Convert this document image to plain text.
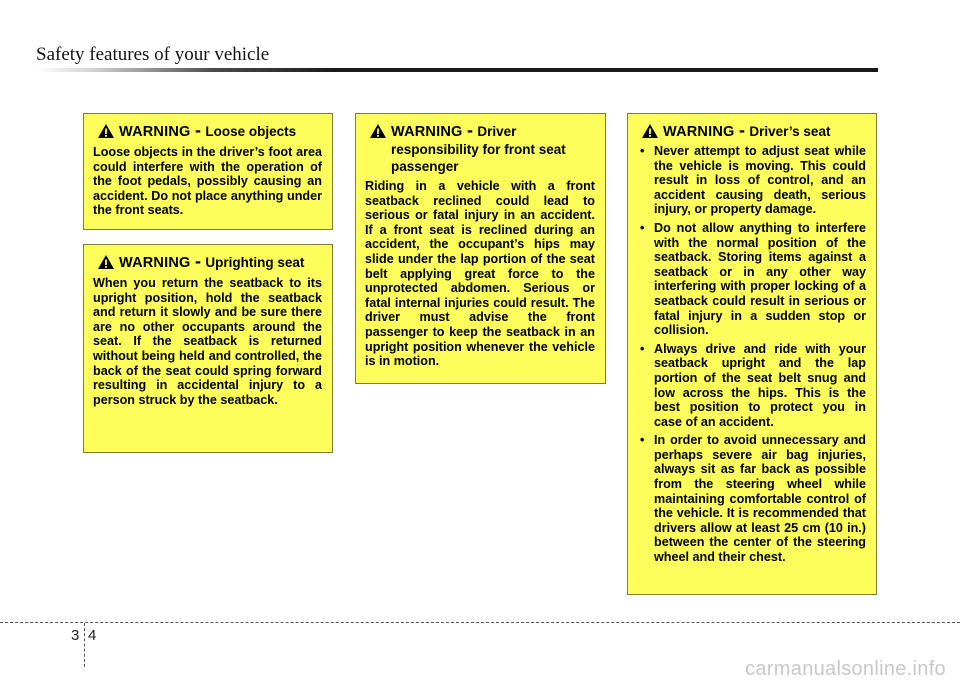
Safety features of your vehicle
WARNING - Loose objects
Loose objects in the driver’s foot area could interfere with the operation of the foot pedals, possibly causing an accident. Do not place anything under the front seats.
WARNING - Uprighting seat
When you return the seatback to its upright position, hold the seatback and return it slowly and be sure there are no other occupants around the seat. If the seatback is returned without being held and controlled, the back of the seat could spring forward resulting in accidental injury to a person struck by the seatback.
WARNING - Driver responsibility for front seat passenger
Riding in a vehicle with a front seatback reclined could lead to serious or fatal injury in an accident. If a front seat is reclined during an accident, the occupant’s hips may slide under the lap portion of the seat belt applying great force to the unprotected abdomen. Serious or fatal internal injuries could result. The driver must advise the front passenger to keep the seatback in an upright position whenever the vehicle is in motion.
WARNING - Driver’s seat
• Never attempt to adjust seat while the vehicle is moving. This could result in loss of control, and an accident causing death, serious injury, or property damage.
• Do not allow anything to interfere with the normal position of the seatback. Storing items against a seatback or in any other way interfering with proper locking of a seatback could result in serious or fatal injury in a sudden stop or collision.
• Always drive and ride with your seatback upright and the lap portion of the seat belt snug and low across the hips. This is the best position to protect you in case of an accident.
• In order to avoid unnecessary and perhaps severe air bag injuries, always sit as far back as possible from the steering wheel while maintaining comfortable control of the vehicle. It is recommended that drivers allow at least 25 cm (10 in.) between the center of the steering wheel and their chest.
3 4
carmanualsonline.info
